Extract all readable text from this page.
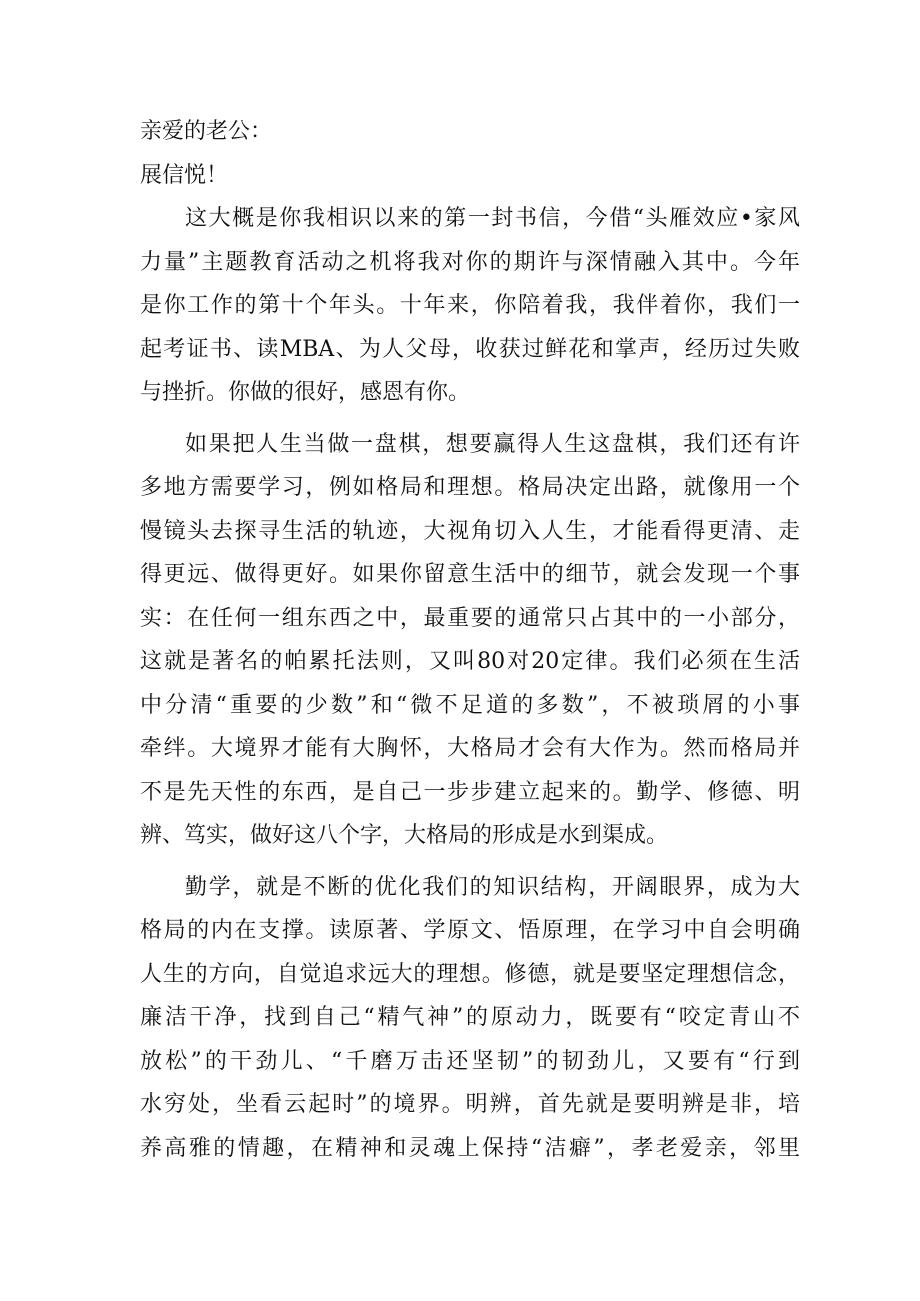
亲爱的老公：
展信悦！
这大概是你我相识以来的第一封书信，今借“头雁效应•家风
力量”主题教育活动之机将我对你的期许与深情融入其中。今年
是你工作的第十个年头。十年来，你陪着我，我伴着你，我们一
起考证书、读MBA、为人父母，收获过鲜花和掌声，经历过失败
与挫折。你做的很好，感恩有你。
如果把人生当做一盘棋，想要赢得人生这盘棋，我们还有许
多地方需要学习，例如格局和理想。格局决定出路，就像用一个
慢镜头去探寻生活的轨迹，大视角切入人生，才能看得更清、走
得更远、做得更好。如果你留意生活中的细节，就会发现一个事
实：在任何一组东西之中，最重要的通常只占其中的一小部分，
这就是著名的帕累托法则，又叫80对20定律。我们必须在生活
中分清“重要的少数”和“微不足道的多数”，不被琐屑的小事
牵绊。大境界才能有大胸怀，大格局才会有大作为。然而格局并
不是先天性的东西，是自己一步步建立起来的。勤学、修德、明
辨、笃实，做好这八个字，大格局的形成是水到渠成。
勤学，就是不断的优化我们的知识结构，开阔眼界，成为大
格局的内在支撑。读原著、学原文、悟原理，在学习中自会明确
人生的方向，自觉追求远大的理想。修德，就是要坚定理想信念，
廉洁干净，找到自己“精气神”的原动力，既要有“咬定青山不
放松”的干劲儿、“千磨万击还坚韧”的韧劲儿，又要有“行到
水穷处，坐看云起时”的境界。明辨，首先就是要明辨是非，培
养高雅的情趣，在精神和灵魂上保持“洁癖”，孝老爱亲，邻里
